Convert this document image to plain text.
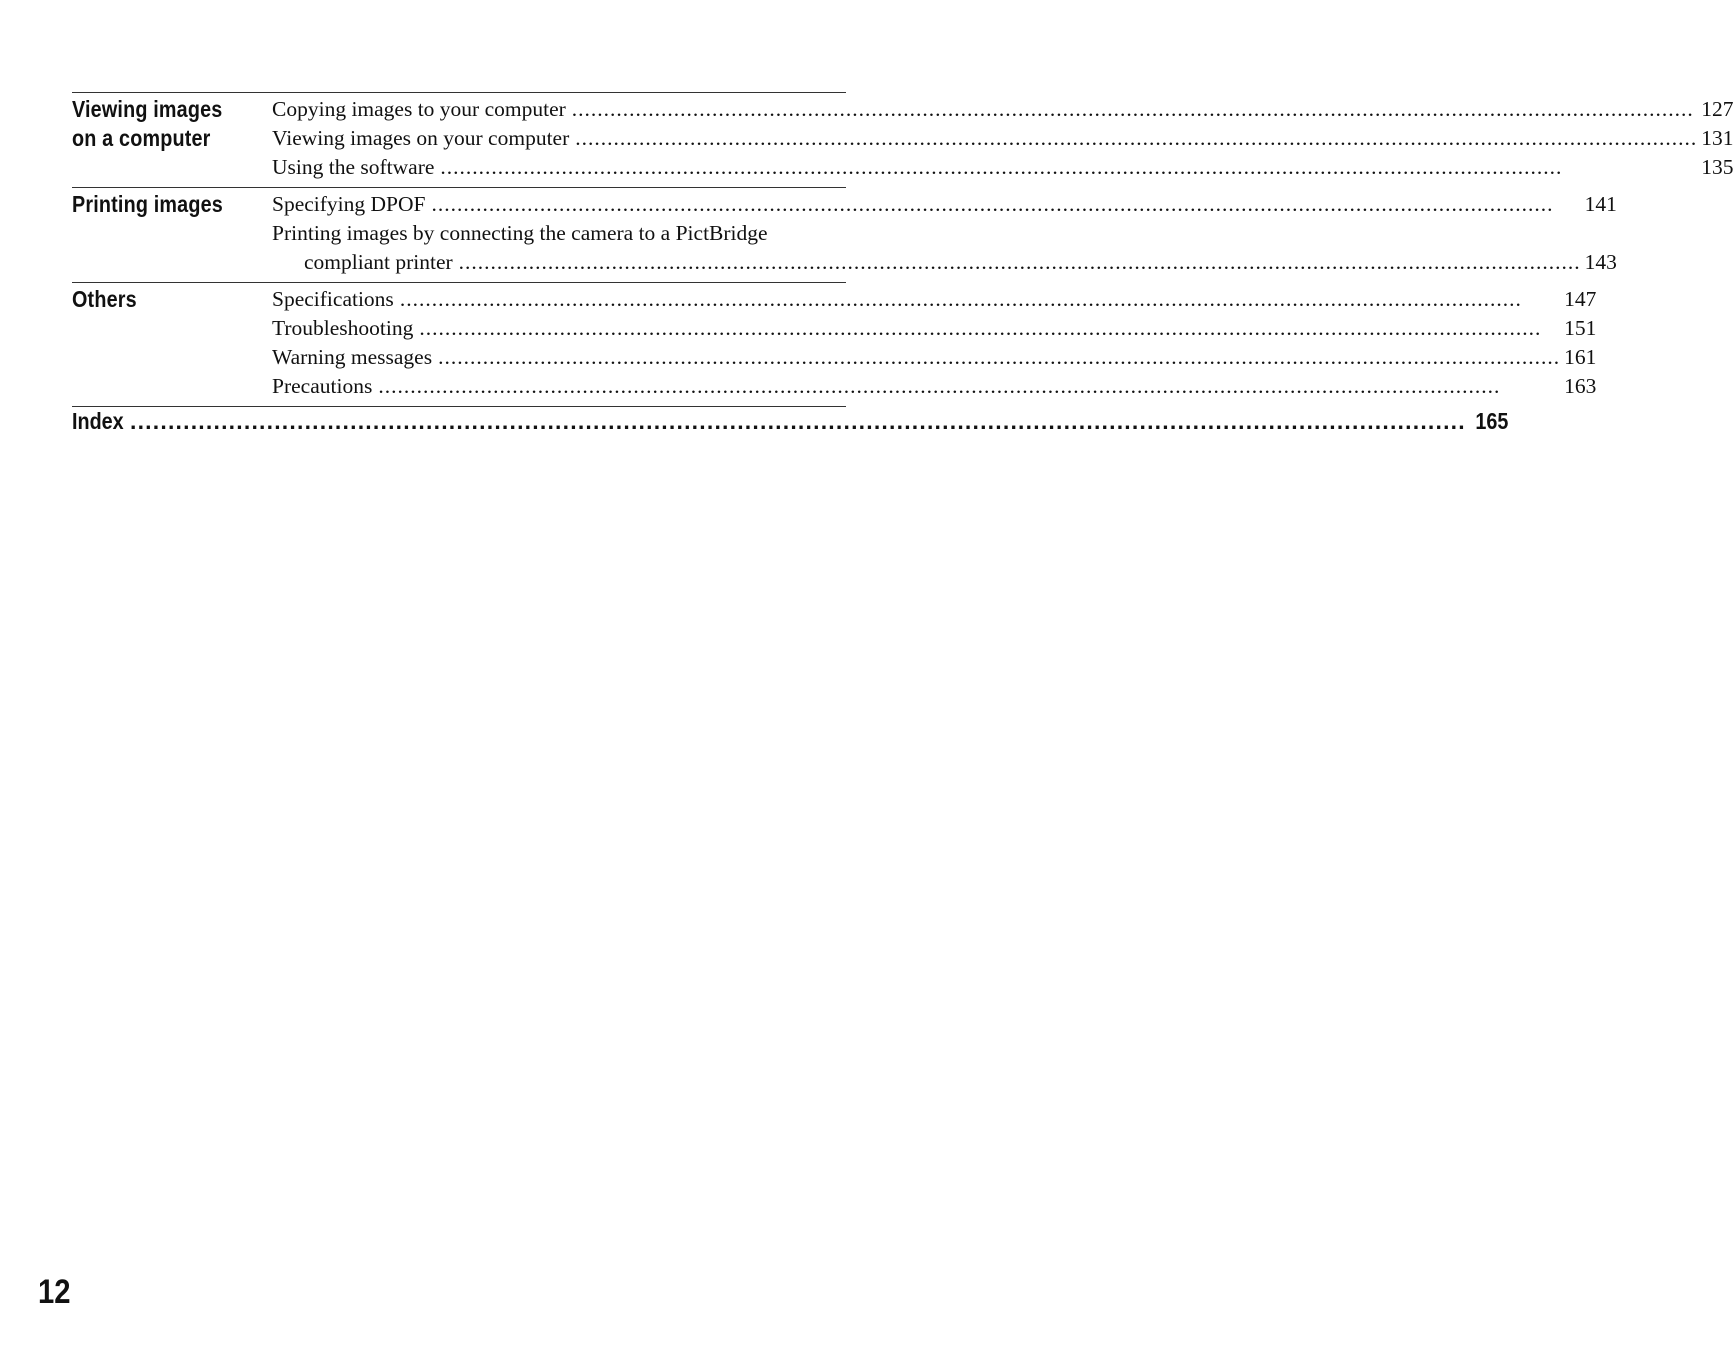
Viewing images
on a computer
Copying images to your computer .....	127
Viewing images on your computer .....	131
Using the software .....	135
Printing images	Specifying DPOF .....	141
Printing images by connecting the camera to a PictBridge
compliant printer .....	143
Others	Specifications .....	147
Troubleshooting .....	151
Warning messages .....	161
Precautions .....	163
Index .....	165
12
